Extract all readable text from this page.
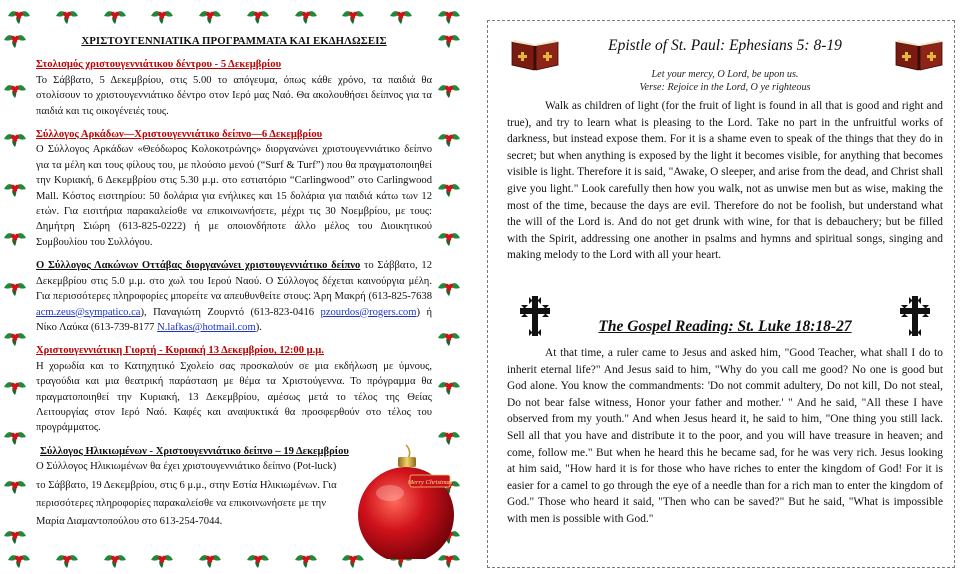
ΧΡΙΣΤΟΥΓΕΝΝΙΑΤΙΚΑ ΠΡΟΓΡΑΜΜΑΤΑ ΚΑΙ ΕΚΔΗΛΩΣΕΙΣ
Στολισμός χριστουγεννιάτικου δέντρου - 5 Δεκεμβρίου
Το Σάββατο, 5 Δεκεμβρίου, στις 5.00 το απόγευμα, όπως κάθε χρόνο, τα παιδιά θα στολίσουν το χριστουγεννιάτικο δέντρο στον Ιερό μας Ναό. Θα ακολουθήσει δείπνος για τα παιδιά και τις οικογένειές τους.
Σύλλογος Αρκάδων—Χριστουγεννιάτικο δείπνο—6 Δεκεμβρίου
Ο Σύλλογος Αρκάδων «Θεόδωρος Κολοκοτρώνης» διοργανώνει χριστουγεννιάτικο δείπνο για τα μέλη και τους φίλους του, με πλούσιο μενού (“Surf & Turf”) που θα πραγματοποιηθεί την Κυριακή, 6 Δεκεμβρίου στις 5.30 μ.μ. στο εστιατόριο “Carlingwood” στο Carlingwood Mall. Κόστος εισιτηρίου: 50 δολάρια για ενήλικες και 15 δολάρια για παιδιά κάτω των 12 ετών. Για εισιτήρια παρακαλείσθε να επικοινωνήσετε, μέχρι τις 30 Νοεμβρίου, με τους: Δημήτρη Σιώρη (613-825-0222) ή με οποιονδήποτε άλλο μέλος του Διοικητικού Συμβουλίου του Συλλόγου.
Ο Σύλλογος Λακώνων Οττάβας διοργανώνει χριστουγεννιάτικο δείπνο το Σάββατο, 12 Δεκεμβρίου στις 5.0 μ.μ. στο χωλ του Ιερού Ναού. Ο Σύλλογος δέχεται καινούργια μέλη. Για περισσότερες πληροφορίες μπορείτε να απευθυνθείτε στους: Άρη Μακρή (613-825-7638 acm.zeus@sympatico.ca), Παναγιώτη Ζουρντό (613-823-0416 pzourdos@rogers.com) ή Νίκο Λαύκα (613-739-8177 N.lafkas@hotmail.com).
Χριστουγεννιάτικη Γιορτή - Κυριακή 13 Δεκεμβρίου, 12:00 μ.μ.
Η χορωδία και το Κατηχητικό Σχολείο σας προσκαλούν σε μια εκδήλωση με ύμνους, τραγούδια και μια θεατρική παράσταση με θέμα τα Χριστούγεννα. Το πρόγραμμα θα πραγματοποιηθεί την Κυριακή, 13 Δεκεμβρίου, αμέσως μετά το τέλος της Θείας Λειτουργίας στον Ιερό Ναό. Καφές και αναψυκτικά θα προσφερθούν στο τέλος του προγράμματος.
Σύλλογος Ηλικιωμένων - Χριστουγεννιάτικο δείπνο – 19 Δεκεμβρίου
Ο Σύλλογος Ηλικιωμένων θα έχει χριστουγεννιάτικο δείπνο (Pot-luck)
το Σάββατο, 19 Δεκεμβρίου, στις 6 μ.μ., στην Εστία Ηλικιωμένων. Για
περισσότερες πληροφορίες παρακαλείσθε να επικοινωνήσετε με την
Μαρία Διαμαντοπούλου στο 613-254-7044.
Merry Christmas
Epistle of St. Paul: Ephesians 5: 8-19
Let your mercy, O Lord, be upon us.
Verse: Rejoice in the Lord, O ye righteous

Walk as children of light (for the fruit of light is found in all that is good and right and true), and try to learn what is pleasing to the Lord. Take no part in the unfruitful works of darkness, but instead expose them. For it is a shame even to speak of the things that they do in secret; but when anything is exposed by the light it becomes visible, for anything that becomes visible is light. Therefore it is said, "Awake, O sleeper, and arise from the dead, and Christ shall give you light." Look carefully then how you walk, not as unwise men but as wise, making the most of the time, because the days are evil. Therefore do not be foolish, but understand what the will of the Lord is. And do not get drunk with wine, for that is debauchery; but be filled with the Spirit, addressing one another in psalms and hymns and spiritual songs, singing and making melody to the Lord with all your heart.

The Gospel Reading: St. Luke 18:18-27

At that time, a ruler came to Jesus and asked him, "Good Teacher, what shall I do to inherit eternal life?" And Jesus said to him, "Why do you call me good? No one is good but God alone. You know the commandments: 'Do not commit adultery, Do not kill, Do not steal, Do not bear false witness, Honor your father and mother.' " And he said, "All these I have observed from my youth." And when Jesus heard it, he said to him, "One thing you still lack. Sell all that you have and distribute it to the poor, and you will have treasure in heaven; and come, follow me." But when he heard this he became sad, for he was very rich. Jesus looking at him said, "How hard it is for those who have riches to enter the kingdom of God! For it is easier for a camel to go through the eye of a needle than for a rich man to enter the kingdom of God." Those who heard it said, "Then who can be saved?" But he said, "What is impossible with men is possible with God."
